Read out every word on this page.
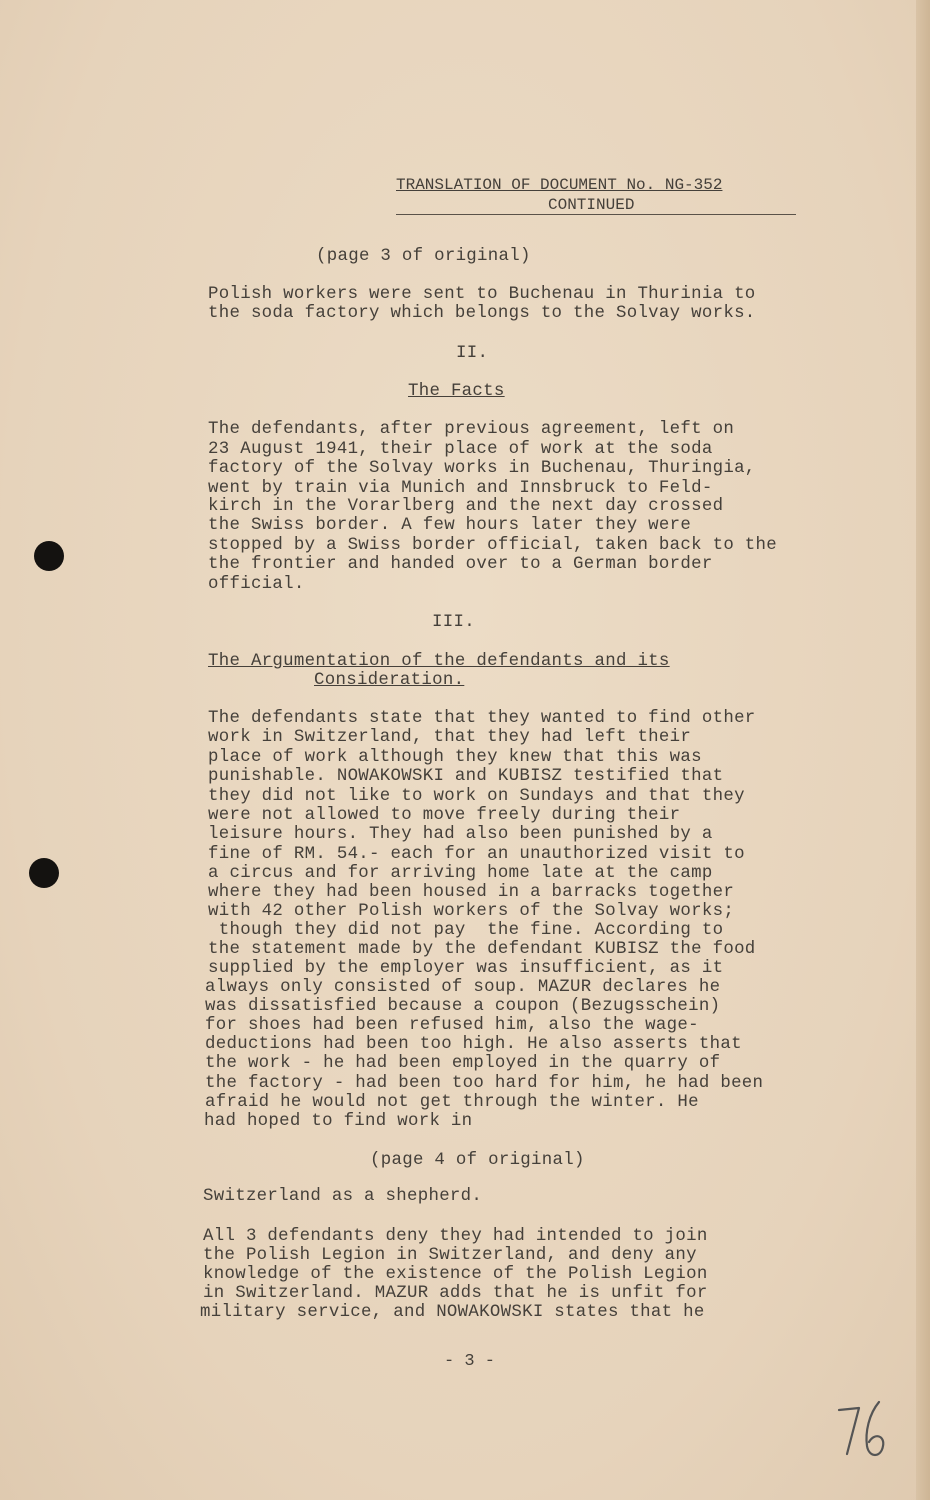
TRANSLATION OF DOCUMENT No. NG-352
CONTINUED
(page 3 of original)
Polish workers were sent to Buchenau in Thurinia to
the soda factory which belongs to the Solvay works.
II.
The Facts
The defendants, after previous agreement, left on
23 August 1941, their place of work at the soda
factory of the Solvay works in Buchenau, Thuringia,
went by train via Munich and Innsbruck to Feld-
kirch in the Vorarlberg and the next day crossed
the Swiss border. A few hours later they were
stopped by a Swiss border official, taken back to the
the frontier and handed over to a German border
official.
III.
The Argumentation of the defendants and its
Consideration.
The defendants state that they wanted to find other
work in Switzerland, that they had left their
place of work although they knew that this was
punishable. NOWAKOWSKI and KUBISZ testified that
they did not like to work on Sundays and that they
were not allowed to move freely during their
leisure hours. They had also been punished by a
fine of RM. 54.- each for an unauthorized visit to
a circus and for arriving home late at the camp
where they had been housed in a barracks together
with 42 other Polish workers of the Solvay works;
though they did not pay  the fine. According to
the statement made by the defendant KUBISZ the food
supplied by the employer was insufficient, as it
always only consisted of soup. MAZUR declares he
was dissatisfied because a coupon (Bezugsschein)
for shoes had been refused him, also the wage-
deductions had been too high. He also asserts that
the work - he had been employed in the quarry of
the factory - had been too hard for him, he had been
afraid he would not get through the winter. He
had hoped to find work in
(page 4 of original)
Switzerland as a shepherd.
All 3 defendants deny they had intended to join
the Polish Legion in Switzerland, and deny any
knowledge of the existence of the Polish Legion
in Switzerland. MAZUR adds that he is unfit for
military service, and NOWAKOWSKI states that he
- 3 -
